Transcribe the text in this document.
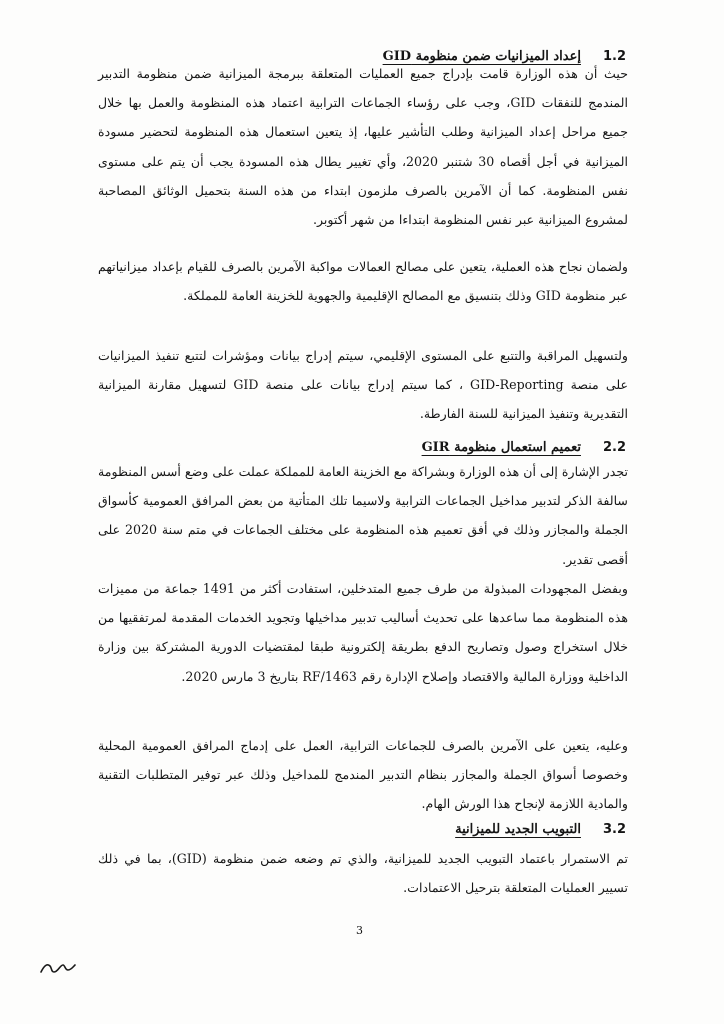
1.2
إعداد الميزانيات ضمن منظومة GID

حيث أن هذه الوزارة قامت بإدراج جميع العمليات المتعلقة ببرمجة الميزانية ضمن منظومة التدبير المندمج للنفقات GID، وجب على رؤساء الجماعات الترابية اعتماد هذه المنظومة والعمل بها خلال جميع مراحل إعداد الميزانية وطلب التأشير عليها، إذ يتعين استعمال هذه المنظومة لتحضير مسودة الميزانية في أجل أقصاه 30 شتنبر 2020، وأي تغيير يطال هذه المسودة يجب أن يتم على مستوى نفس المنظومة. كما أن الآمرين بالصرف ملزمون ابتداء من هذه السنة بتحميل الوثائق المصاحبة لمشروع الميزانية عبر نفس المنظومة ابتداءا من شهر أكتوبر.

ولضمان نجاح هذه العملية، يتعين على مصالح العمالات مواكبة الآمرين بالصرف للقيام بإعداد ميزانياتهم عبر منظومة GID وذلك بتنسيق مع المصالح الإقليمية والجهوية للخزينة العامة للمملكة.

ولتسهيل المراقبة والتتبع على المستوى الإقليمي، سيتم إدراج بيانات ومؤشرات لتتبع تنفيذ الميزانيات على منصة GID-Reporting ، كما سيتم إدراج بيانات على منصة GID لتسهيل مقارنة الميزانية التقديرية وتنفيذ الميزانية للسنة الفارطة.

2.2
تعميم استعمال منظومة GIR

تجدر الإشارة إلى أن هذه الوزارة وبشراكة مع الخزينة العامة للمملكة عملت على وضع أسس المنظومة سالفة الذكر لتدبير مداخيل الجماعات الترابية ولاسيما تلك المتأتية من بعض المرافق العمومية كأسواق الجملة والمجازر وذلك في أفق تعميم هذه المنظومة على مختلف الجماعات في متم سنة 2020 على أقصى تقدير.

وبفضل المجهودات المبذولة من طرف جميع المتدخلين، استفادت أكثر من 1491 جماعة من مميزات هذه المنظومة مما ساعدها على تحديث أساليب تدبير مداخيلها وتجويد الخدمات المقدمة لمرتفقيها من خلال استخراج وصول وتصاريح الدفع بطريقة إلكترونية طبقا لمقتضيات الدورية المشتركة بين وزارة الداخلية ووزارة المالية والاقتصاد وإصلاح الإدارة رقم RF/1463 بتاريخ 3 مارس 2020.

وعليه، يتعين على الآمرين بالصرف للجماعات الترابية، العمل على إدماج المرافق العمومية المحلية وخصوصا أسواق الجملة والمجازر بنظام التدبير المندمج للمداخيل وذلك عبر توفير المتطلبات التقنية والمادية اللازمة لإنجاح هذا الورش الهام.

3.2
التبويب الجديد للميزانية

تم الاستمرار باعتماد التبويب الجديد للميزانية، والذي تم وضعه ضمن منظومة (GID)، بما في ذلك تسيير العمليات المتعلقة بترحيل الاعتمادات.

3
